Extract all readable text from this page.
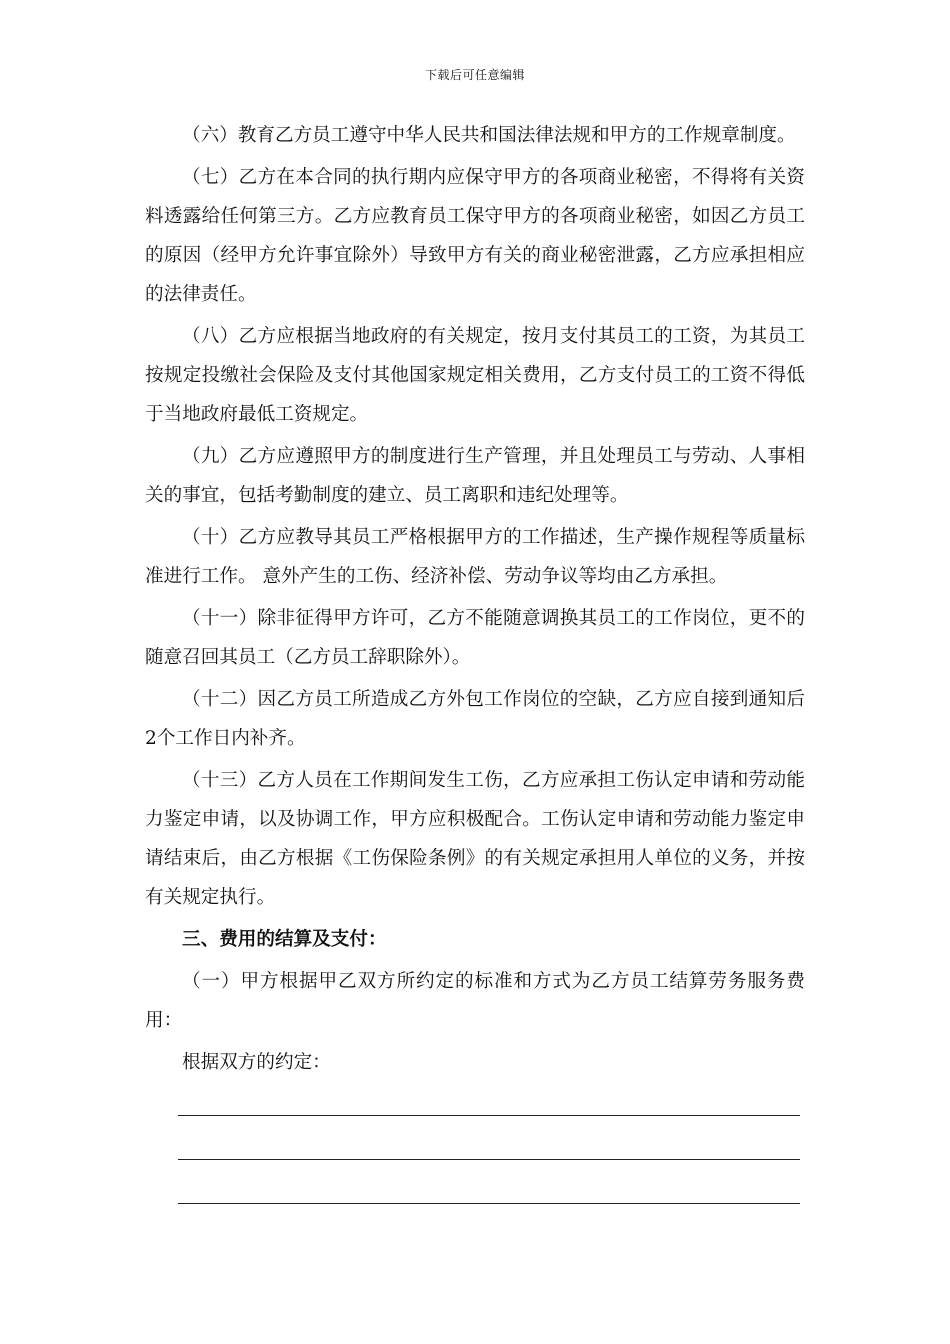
下载后可任意编辑

（六）教育乙方员工遵守中华人民共和国法律法规和甲方的工作规章制度。

（七）乙方在本合同的执行期内应保守甲方的各项商业秘密，不得将有关资料透露给任何第三方。乙方应教育员工保守甲方的各项商业秘密，如因乙方员工的原因（经甲方允许事宜除外）导致甲方有关的商业秘密泄露，乙方应承担相应的法律责任。

（八）乙方应根据当地政府的有关规定，按月支付其员工的工资，为其员工按规定投缴社会保险及支付其他国家规定相关费用，乙方支付员工的工资不得低于当地政府最低工资规定。

（九）乙方应遵照甲方的制度进行生产管理，并且处理员工与劳动、人事相关的事宜，包括考勤制度的建立、员工离职和违纪处理等。

（十）乙方应教导其员工严格根据甲方的工作描述，生产操作规程等质量标准进行工作。 意外产生的工伤、经济补偿、劳动争议等均由乙方承担。

（十一）除非征得甲方许可，乙方不能随意调换其员工的工作岗位，更不的随意召回其员工（乙方员工辞职除外）。

（十二）因乙方员工所造成乙方外包工作岗位的空缺，乙方应自接到通知后2个工作日内补齐。

（十三）乙方人员在工作期间发生工伤，乙方应承担工伤认定申请和劳动能力鉴定申请，以及协调工作，甲方应积极配合。工伤认定申请和劳动能力鉴定申请结束后，由乙方根据《工伤保险条例》的有关规定承担用人单位的义务，并按有关规定执行。

三、费用的结算及支付：

（一）甲方根据甲乙双方所约定的标准和方式为乙方员工结算劳务服务费用：

根据双方的约定：
